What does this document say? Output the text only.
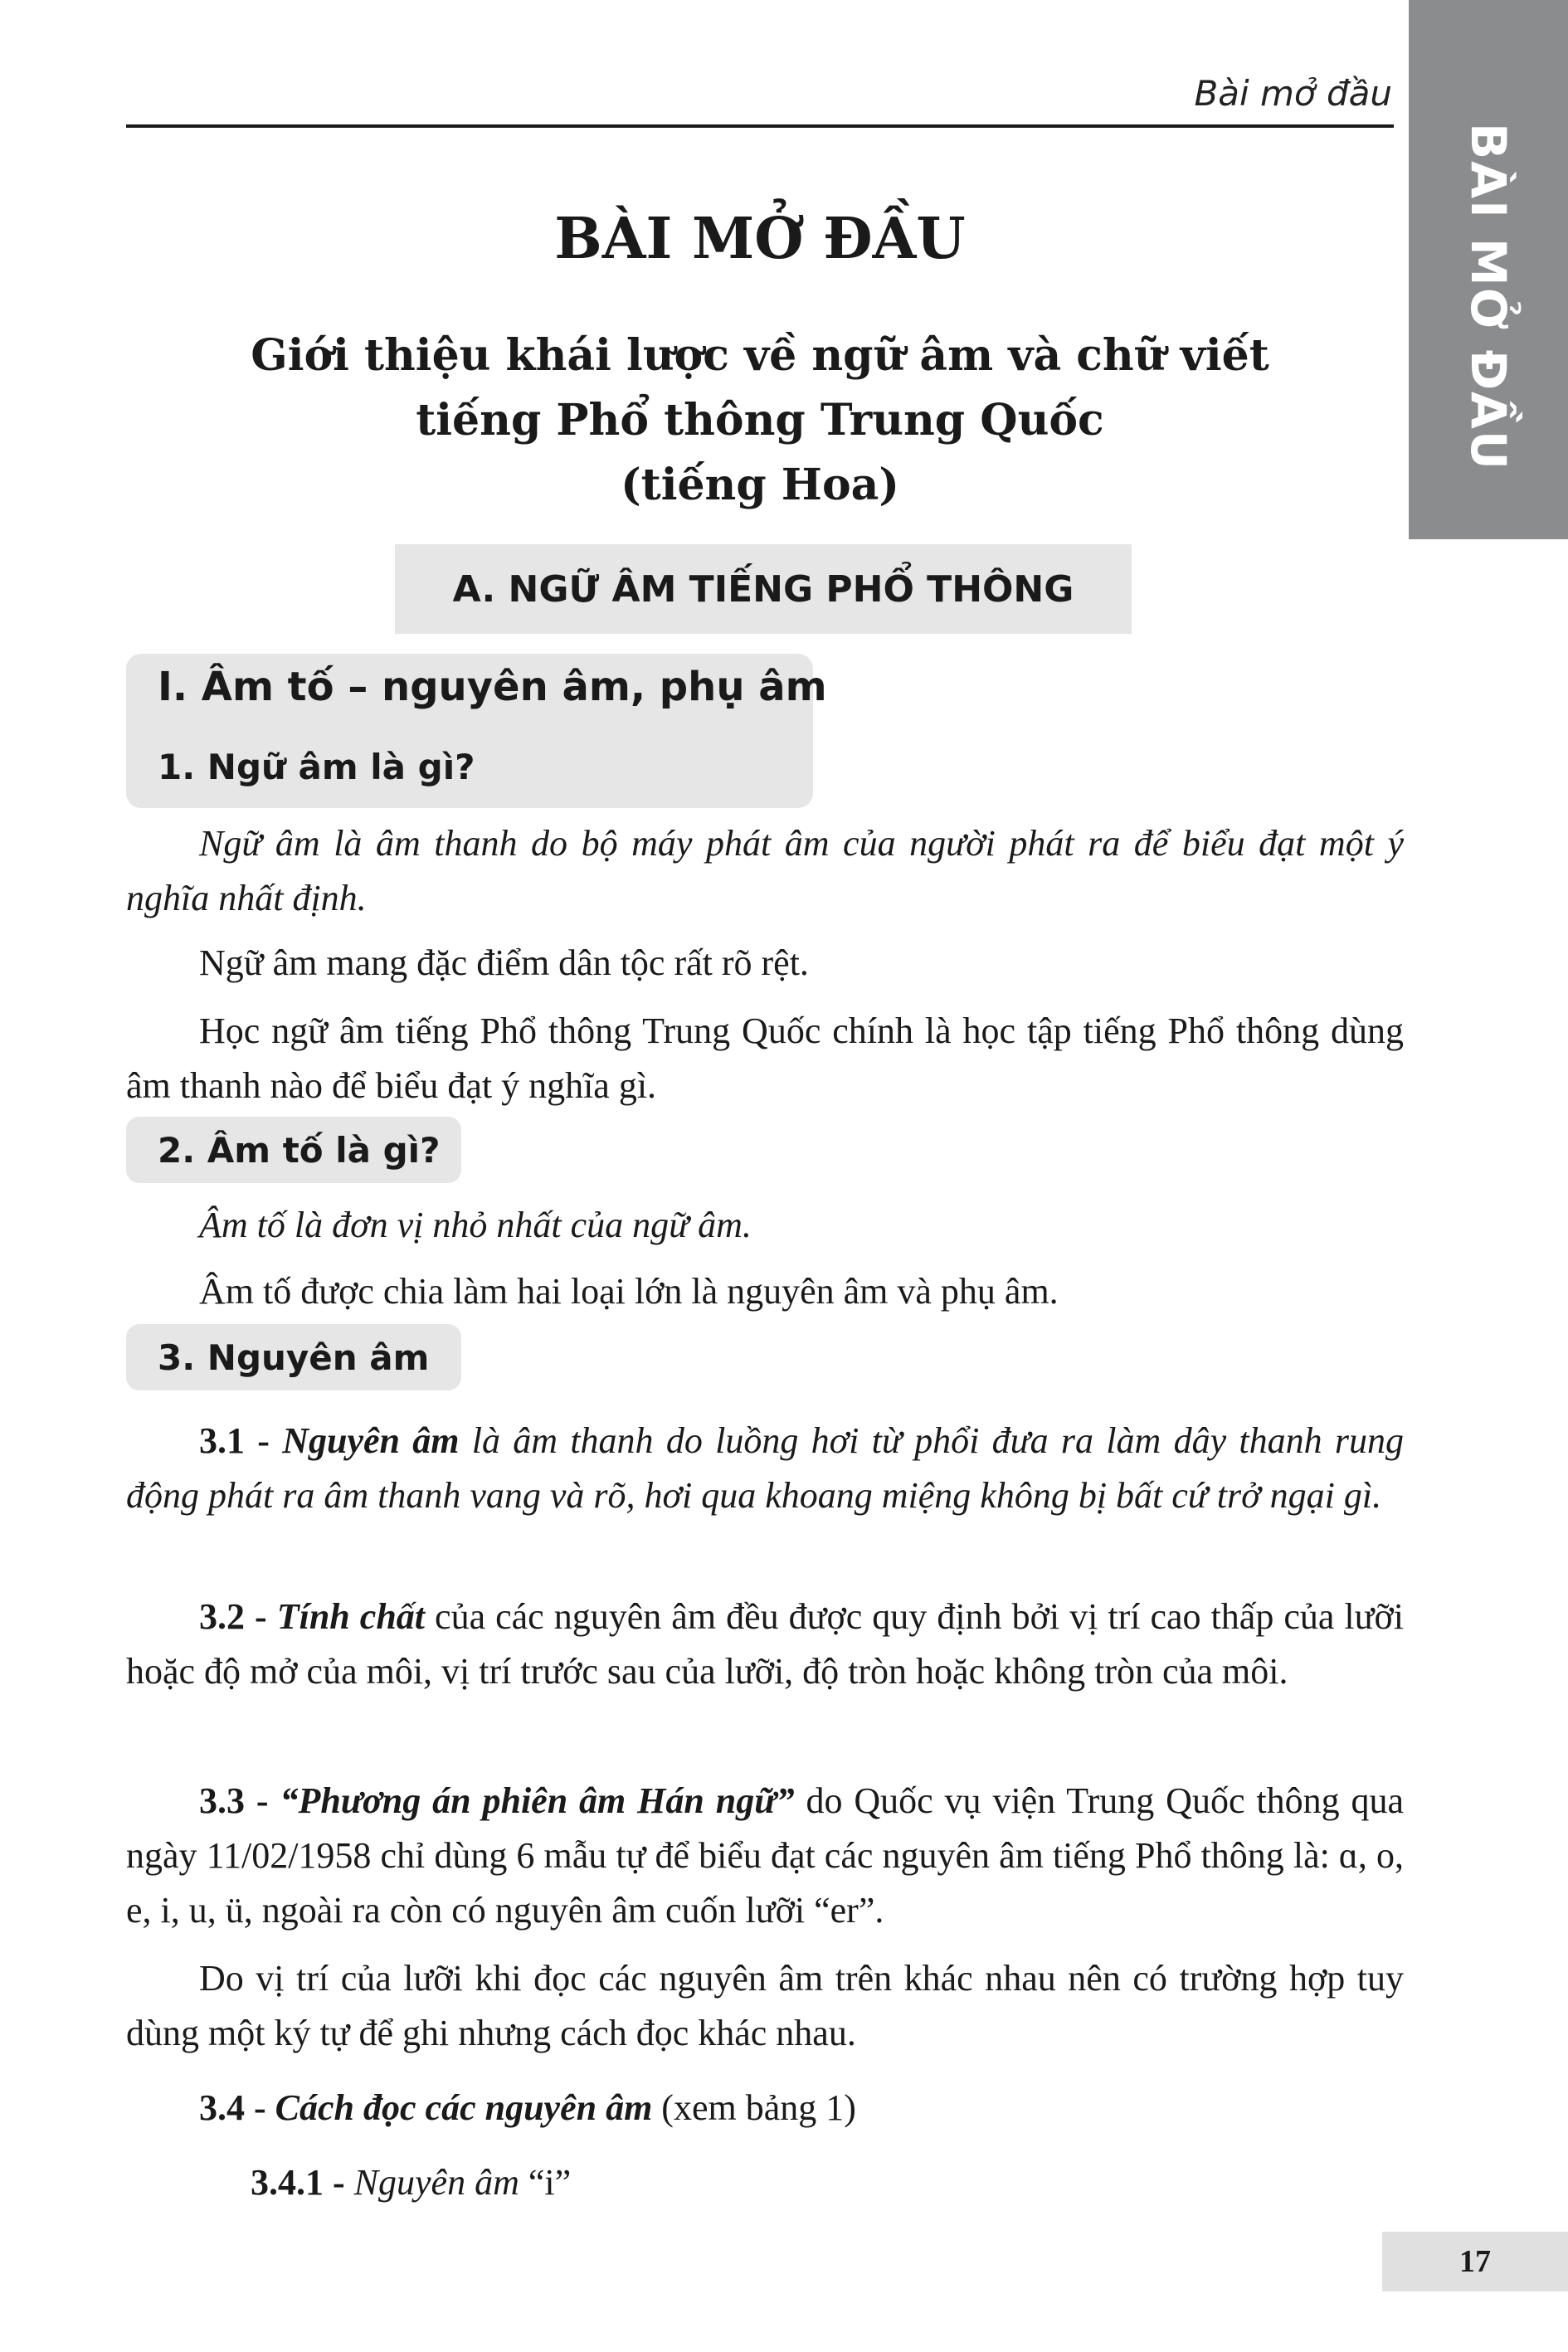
Bài mở đầu
BÀI MỞ ĐẦU
BÀI MỞ ĐẦU
Giới thiệu khái lược về ngữ âm và chữ viết
tiếng Phổ thông Trung Quốc
(tiếng Hoa)
A. NGỮ ÂM TIẾNG PHỔ THÔNG
I. Âm tố – nguyên âm, phụ âm
1. Ngữ âm là gì?
Ngữ âm là âm thanh do bộ máy phát âm của người phát ra để biểu đạt một ý nghĩa nhất định.
Ngữ âm mang đặc điểm dân tộc rất rõ rệt.
Học ngữ âm tiếng Phổ thông Trung Quốc chính là học tập tiếng Phổ thông dùng âm thanh nào để biểu đạt ý nghĩa gì.
2. Âm tố là gì?
Âm tố là đơn vị nhỏ nhất của ngữ âm.
Âm tố được chia làm hai loại lớn là nguyên âm và phụ âm.
3. Nguyên âm
3.1 - Nguyên âm là âm thanh do luồng hơi từ phổi đưa ra làm dây thanh rung động phát ra âm thanh vang và rõ, hơi qua khoang miệng không bị bất cứ trở ngại gì.
3.2 - Tính chất của các nguyên âm đều được quy định bởi vị trí cao thấp của lưỡi hoặc độ mở của môi, vị trí trước sau của lưỡi, độ tròn hoặc không tròn của môi.
3.3 - “Phương án phiên âm Hán ngữ” do Quốc vụ viện Trung Quốc thông qua ngày 11/02/1958 chỉ dùng 6 mẫu tự để biểu đạt các nguyên âm tiếng Phổ thông là: ɑ, o, e, i, u, ü, ngoài ra còn có nguyên âm cuốn lưỡi “er”.
Do vị trí của lưỡi khi đọc các nguyên âm trên khác nhau nên có trường hợp tuy dùng một ký tự để ghi nhưng cách đọc khác nhau.
3.4 - Cách đọc các nguyên âm (xem bảng 1)
3.4.1 - Nguyên âm “i”
17
